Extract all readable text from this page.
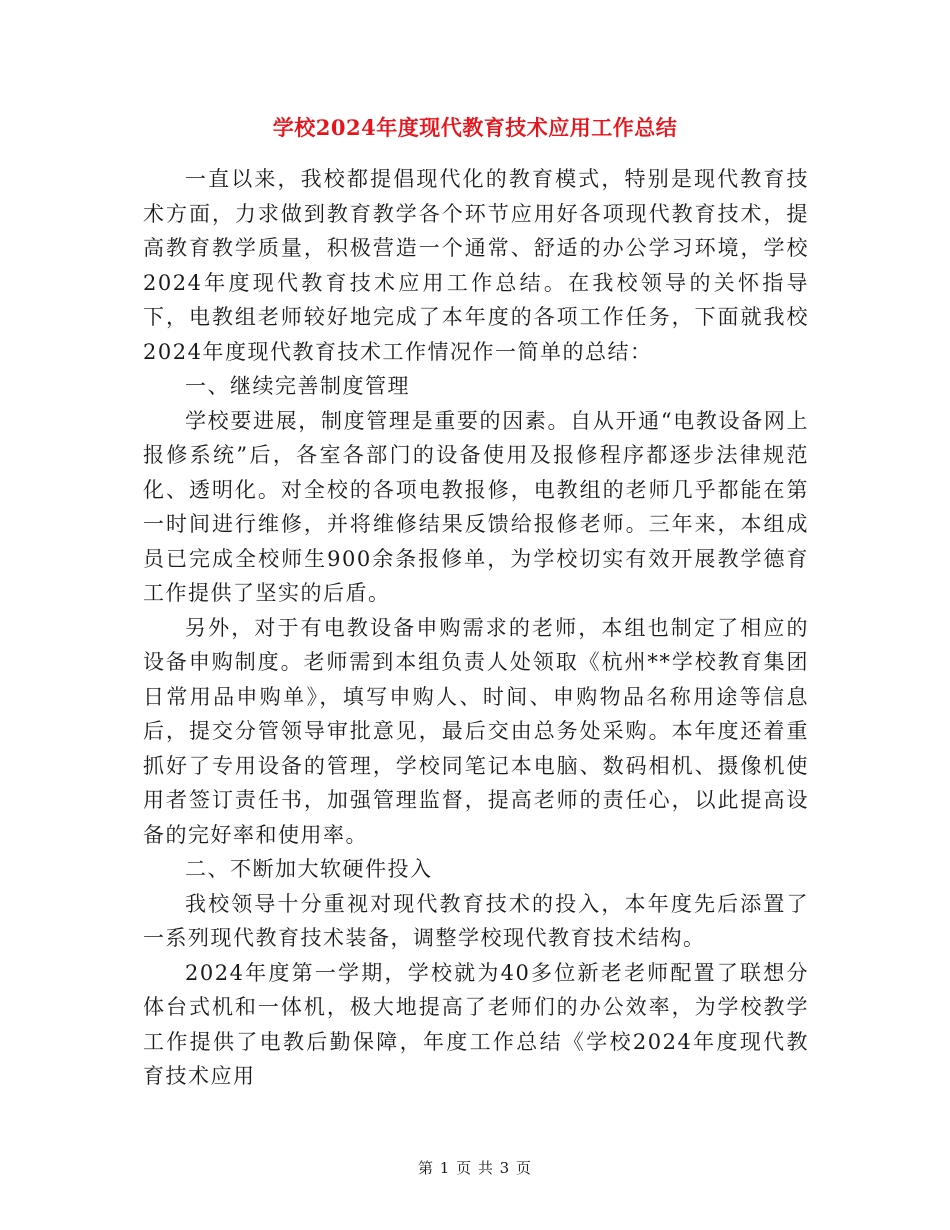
学校2024年度现代教育技术应用工作总结

一直以来，我校都提倡现代化的教育模式，特别是现代教育技术方面，力求做到教育教学各个环节应用好各项现代教育技术，提高教育教学质量，积极营造一个通常、舒适的办公学习环境，学校2024年度现代教育技术应用工作总结。在我校领导的关怀指导下，电教组老师较好地完成了本年度的各项工作任务，下面就我校2024年度现代教育技术工作情况作一简单的总结：

一、继续完善制度管理

学校要进展，制度管理是重要的因素。自从开通“电教设备网上报修系统”后，各室各部门的设备使用及报修程序都逐步法律规范化、透明化。对全校的各项电教报修，电教组的老师几乎都能在第一时间进行维修，并将维修结果反馈给报修老师。三年来，本组成员已完成全校师生900余条报修单，为学校切实有效开展教学德育工作提供了坚实的后盾。

另外，对于有电教设备申购需求的老师，本组也制定了相应的设备申购制度。老师需到本组负责人处领取《杭州**学校教育集团日常用品申购单》，填写申购人、时间、申购物品名称用途等信息后，提交分管领导审批意见，最后交由总务处采购。本年度还着重抓好了专用设备的管理，学校同笔记本电脑、数码相机、摄像机使用者签订责任书，加强管理监督，提高老师的责任心，以此提高设备的完好率和使用率。

二、不断加大软硬件投入

我校领导十分重视对现代教育技术的投入，本年度先后添置了一系列现代教育技术装备，调整学校现代教育技术结构。

2024年度第一学期，学校就为40多位新老老师配置了联想分体台式机和一体机，极大地提高了老师们的办公效率，为学校教学工作提供了电教后勤保障，年度工作总结《学校2024年度现代教育技术应用

第 1 页 共 3 页
